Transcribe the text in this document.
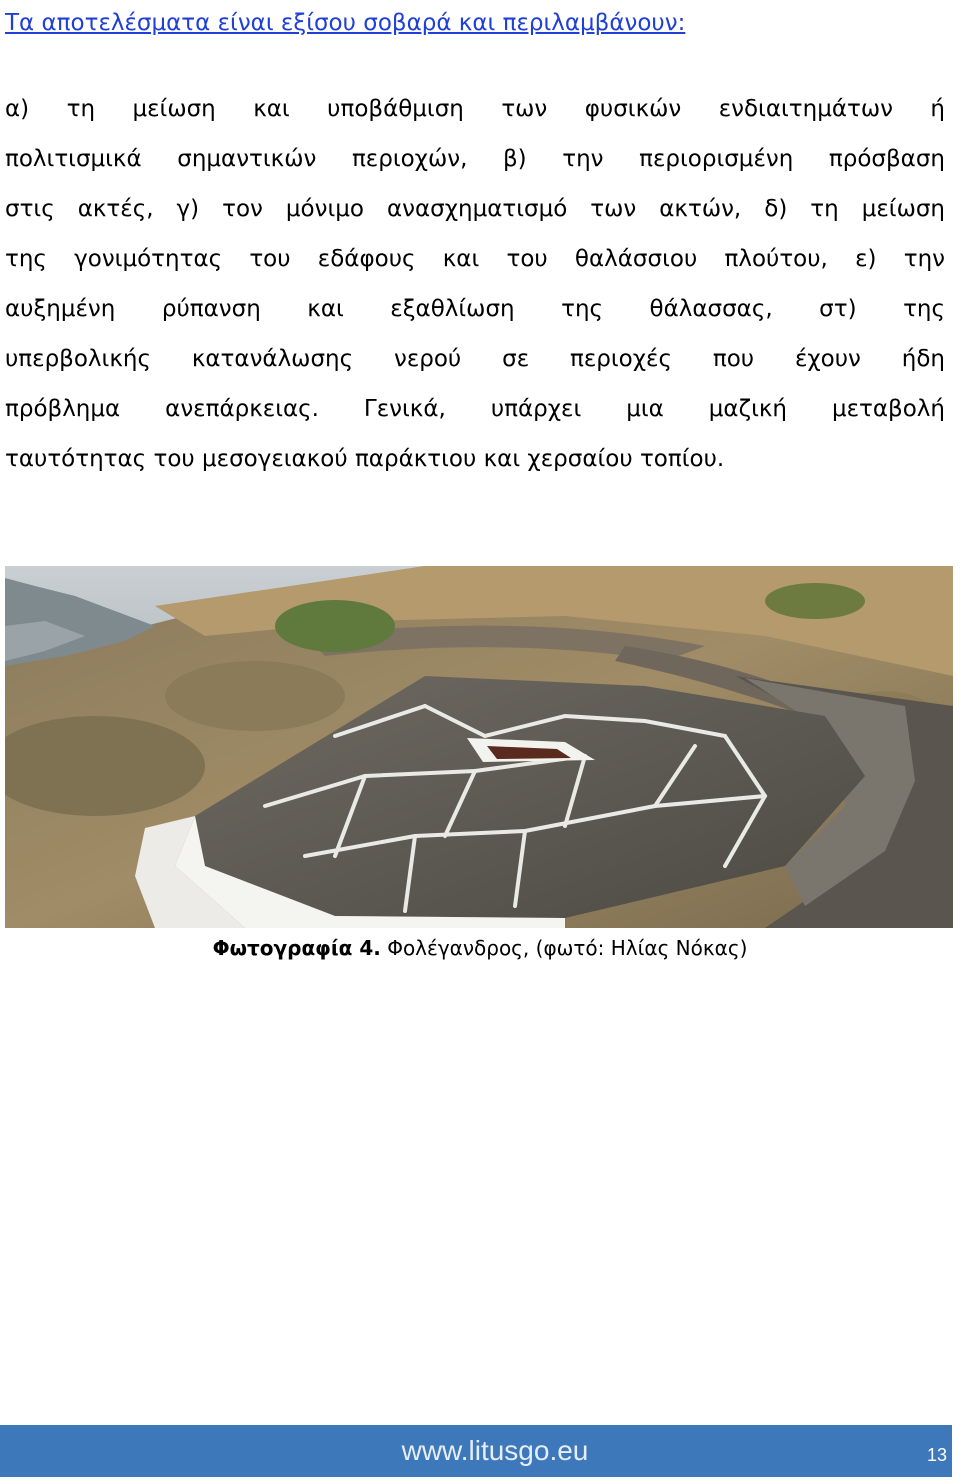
Τα αποτελέσματα είναι εξίσου σοβαρά και περιλαμβάνουν:
α) τη μείωση και υποβάθμιση των φυσικών ενδιαιτημάτων ή
πολιτισμικά σημαντικών περιοχών, β) την περιορισμένη πρόσβαση
στις ακτές, γ) τον μόνιμο ανασχηματισμό των ακτών, δ) τη μείωση
της γονιμότητας του εδάφους και του θαλάσσιου πλούτου, ε) την
αυξημένη ρύπανση και εξαθλίωση της θάλασσας, στ) της
υπερβολικής κατανάλωσης νερού σε περιοχές που έχουν ήδη
πρόβλημα ανεπάρκειας. Γενικά, υπάρχει μια μαζική μεταβολή
ταυτότητας του μεσογειακού παράκτιου και χερσαίου τοπίου.
Φωτογραφία 4. Φολέγανδρος, (φωτό: Ηλίας Νόκας)
www.litusgo.eu	13
